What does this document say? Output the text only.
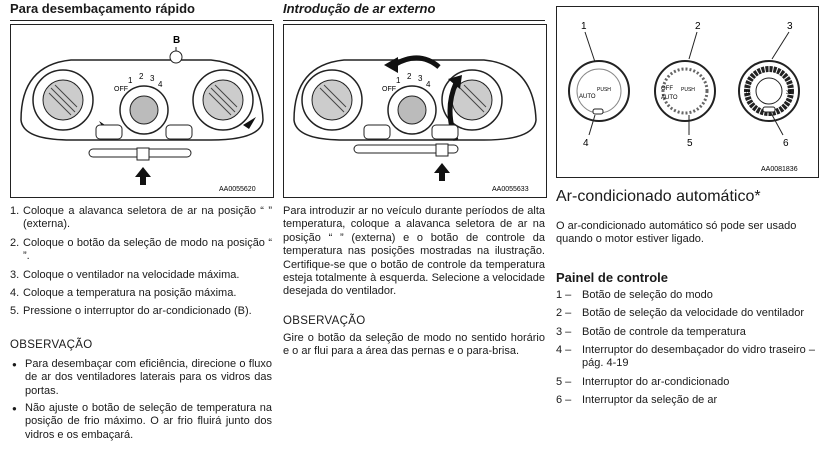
Para desembaçamento rápido
OFF
1 2 3
4
B
AA0055620
1. Coloque a alavanca seletora de ar na posição “ ” (externa).
2. Coloque o botão da seleção de modo na posição “ ”.
3. Coloque o ventilador na velocidade máxima.
4. Coloque a temperatura na posição máxima.
5. Pressione o interruptor do ar-condicionado (B).
OBSERVAÇÃO
● Para desembaçar com eficiência, direcione o fluxo de ar dos ventiladores laterais para os vidros das portas.
● Não ajuste o botão de seleção de temperatura na posição de frio máximo. O ar frio fluirá junto dos vidros e os embaçará.
Introdução de ar externo
OFF
1 2 3
4
AA0055633

Para introduzir ar no veículo durante períodos de alta temperatura, coloque a alavanca seletora de ar na posição “ ” (externa) e o botão de controle da temperatura nas posições mostradas na ilustração. Certifique-se que o botão de controle da temperatura esteja totalmente à esquerda. Selecione a velocidade desejada do ventilador.

OBSERVAÇÃO

Gire o botão da seleção de modo no sentido horário e o ar flui para a área das pernas e o para-brisa.

1	2	3
AUTO
PUSH	OFF
AUTO
PUSH	18	32
4	5	6
AA0081836
Ar-condicionado automático*

O ar-condicionado automático só pode ser usado quando o motor estiver ligado.

Painel de controle
1 – Botão de seleção do modo
2 – Botão de seleção da velocidade do ventilador
3 – Botão de controle da temperatura
4 – Interruptor do desembaçador do vidro traseiro – pág. 4-19
5 – Interruptor do ar-condicionado
6 – Interruptor da seleção de ar
